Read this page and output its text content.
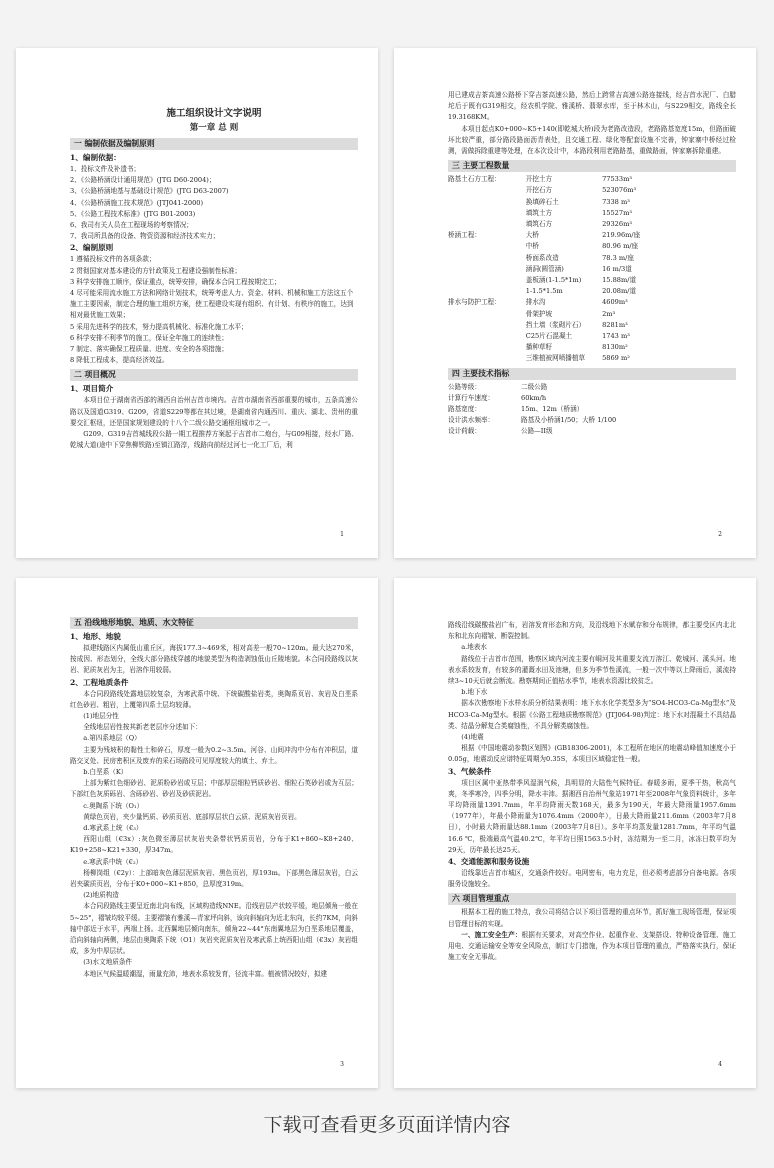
施工组织设计文字说明
第一章 总 则
一 编制依据及编制原则
1、编制依据：
1、投标文件及补遗书；
2、《公路桥涵设计通用规范》(JTG D60-2004)；
3、《公路桥涵地基与基础设计规范》(JTG D63-2007)
4、《公路桥涵施工技术规范》(JTJ041-2000)
5、《公路工程技术标准》(JTG B01-2003)
6、我司有关人员在工程现场的考察情况；
7、我司所具备的设备、物资资源和经济技术实力；
2、编制原则
1 遵循投标文件的各项条款；
2 贯彻国家对基本建设的方针政策及工程建设强制性标准；
3 科学安排施工顺序，保证重点，统筹安排，确保本合同工程按期完工；
4 尽可能采用流水施工方法和网络计划技术，统筹考虑人力、资金、材料、机械和施工方法这五个施工主要因素，制定合理的施工组织方案，使工程建设实现有组织、有计划、有秩序的施工，达到相对最优施工效果；
5 采用先进科学的技术，努力提高机械化、标准化施工水平；
6 科学安排不利季节的施工，保证全年施工的连续性；
7 制定、落实确保工程质量、进度、安全的各项措施；
8 降低工程成本，提高经济效益。
二 项目概况
1、项目简介
本项目位于湖南省西部的湘西自治州吉首市境内。吉首市湖南省西部重要的城市，五条高速公路以及国道G319、G209，省道S229等都在其过境，是湖南省内通西川、重庆、湖北、贵州的重要交汇枢纽，还是国家规划建设的十八个二级公路交通枢纽城市之一。
G209、G319吉首城线段公路一期工程推荐方案起于吉首市二炮台，与G09相接，经水厂路、乾城大道(途中下穿焦柳铁路)至镇江路淳，线路向前经过河七一化工厂后，利
1
用已建成吉茶高速公路桥下穿吉茶高速公路，然后上跨常吉高速公路连接线，经吉首水泥厂、白腊坨后于既有G319相交，经农机学院、雅溪桥、翡翠水库，至于林木山，与S229相交，路线全长19.3168KM。
本项目起点K0+000~K5+140(即乾城大桥)段为老路改造段，老路路基宽度15m，但路面破坏比较严重，部分路段路面沥青表处，且交通工程、绿化等配套设施不完善，钟家寨中桥经过检测，需做拆除重建等处理，在本次设计中，本路段利用老路路基，重做路面，钟家寨拆除重建。
三 主要工程数量
路基土石方工程：	开挖土方	77533m³
	开挖石方	523076m³
	换填碎石土	7338 m³
	填筑土方	15527m³
	填筑石方	29326m³
桥涵工程：	大桥	219.96m/座
	中桥	80.96 m/座
	桥面系改造	78.3 m/座
	涵洞(圆管涵)	16 m/3道
	盖板涵(1-1.5*1m)	15.88m/道
	1-1.5*1.5m	20.08m/道
排水与防护工程：	排水沟	4609m³
	骨架护坡	2m³
	挡土墙（浆砌片石）	8281m³
	C25片石混凝土	1743 m³
	播种草籽	8130m²
	三维植被网喷播植草	5869 m²
四 主要技术指标
公路等级：	二级公路
计算行车速度：	60km/h
路基宽度：	15m、12m（桥涵）
设计洪水频率：	路基及小桥涵1/50；大桥 1/100
设计荷载：	公路—II级
2
五 沿线地形地貌、地质、水文特征
1、地形、地貌
拟建线路区内属低山重丘区，海拔177.3~469米，相对高差一般70~120m。最大达270米，按成因、形态划分，全线大部分路线穿越的地貌类型为构造剥蚀低山丘陵地貌。本合同段路线以灰岩、泥质灰岩为主，岩溶作用较弱。
2、工程地质条件
本合同段路线处露地层较复杂，为寒武系中统、下统碳酸盐岩类，奥陶系页岩、灰岩及白垩系红色砂岩、粗岩，上覆第四系土层均较薄。
(1)地层分性
全线地层岩性按其新老老层序分述如下：
a.第四系地层（Q）
主要为残坡积的黏性土和碎石，厚度一般为0.2~3.5m。河谷、山间冲沟中分布有冲积层，道路交叉处、民房密积区及废弃的采石场路段可见厚度较大的填土、弃土。
b.白垩系（K）
上部为紫红色细砂岩、泥质粉砂岩或互层；中部厚层细粒钙质砂岩、细粒石英砂岩或为互层；下部红色灰质砾岩、含砾砂岩、砂岩及砂质泥岩。
c.奥陶系下统（O₁）
黄绿色页岩，夹少量钙质、砂质页岩、底部厚层状白云质、泥质灰岩页岩。
d.寒武系上统（€₃）
西阳山组（€3x）:灰色微至薄层状灰岩夹条带状钙质页岩，分布于K1+860~K8+240、K19+258~K21+330，厚347m。
e.寒武系中统（€₂）
杨柳岗组（€2y）：上部暗灰色薄层泥质灰岩、黑色页岩，厚193m。下部黑色薄层灰岩，白云岩夹碳质页岩，分布于K0+000~K1+850，总厚度319m。
(2)地质构造
本合同段路线主要呈近南北向布线，区域构造线NNE。沿线岩层产状较平缓，地层倾角一般在5~25°，褶皱均较平缓。主要褶皱有雅溪—青家坪向斜，该向斜轴向为近北东向，长约7KM，向斜轴中部近于水平，两端上扬。北西翼地层倾向南东，倾角22~44°东南翼地层为白垩系地层覆盖，沿向斜轴向两侧，地层由奥陶系下统（O1）灰岩夹泥质灰岩及寒武系上统西阳山组（€3x）灰岩组成，多为中厚层状。
(3)水文地质条件
本地区气候温暖潮湿，雨量充沛，地表水系较发育，径流丰富。植被情况较好，拟建
3
路线沿线碳酸盐岩广布，岩溶发育形态和方向，及沿线地下水赋存和分布规律，都主要受区内北北东和北东向褶皱、断裂控制。
a.地表水
路线位于吉首市范围，勘察区域内河流主要有峒河及其重要支流万溶江、乾城河、溪头河。地表水系较发育，有较多的灌溉水田及池塘，但多为季节性溪流，一般一次中等以上降雨后，溪流持续3~10天后就会断流。勘察期间正值枯水季节，地表水资源比较贫乏。
b.地下水
据本次勘察地下水样水质分析结果表明：地下水水化学类型多为“SO4-HCO3-Ca-Mg型水”及HCO3-Ca-Mg型水。根据《公路工程地质勘察规范》(JTJ064-98)判定：地下水对混凝土不具结晶类、结晶分解复合类腐蚀性，不具分解类腐蚀性。
(4)地震
根据《中国地震动参数区划图》(GB18306-2001)，本工程所在地区的地震动峰值加速度小于0.05g，地震动反应谱特征周期为0.35S，本项目区域稳定性一般。
3、气候条件
项目区属中亚热带季风湿润气候，具明显的大陆性气候特征。春暖多雨，夏季干热，秋高气爽，冬季寒冷，四季分明，降水丰沛。据湘西自治州气象站1971年至2008年气象资料统计，多年平均降雨量1391.7mm，年平均降雨天数168天，最多为190天，年最大降雨量1957.6mm（1977年），年最小降雨量为1076.4mm（2000年），日最大降雨量211.6mm（2003年7月8日），小时最大降雨量达88.1mm（2003年7月8日）。多年平均蒸发量1281.7mm，年平均气温16.6 ℃，极端最高气温40.2℃，年平均日照1563.5小时，冻结期为一至二月，冰冻日数平均为29天，历年最长达25天。
4、交通能源和服务设施
沿线靠近吉首市城区，交通条件较好。电网密布，电力充足，但必须考虑部分自备电源。各项服务设施较全。
六 项目管理重点
根据本工程的施工特点，我公司将结合以下项目管理的重点环节，抓好施工现场管理，保证项目管理目标的实现。
一、施工安全生产：根据有关要求，对高空作业、起重作业、支架搭设、特种设备管理、施工用电、交通运输安全等安全风险点，制订专门措施，作为本项目管理的重点，严格落实执行，保证施工安全无事故。
4
下载可查看更多页面详情内容
